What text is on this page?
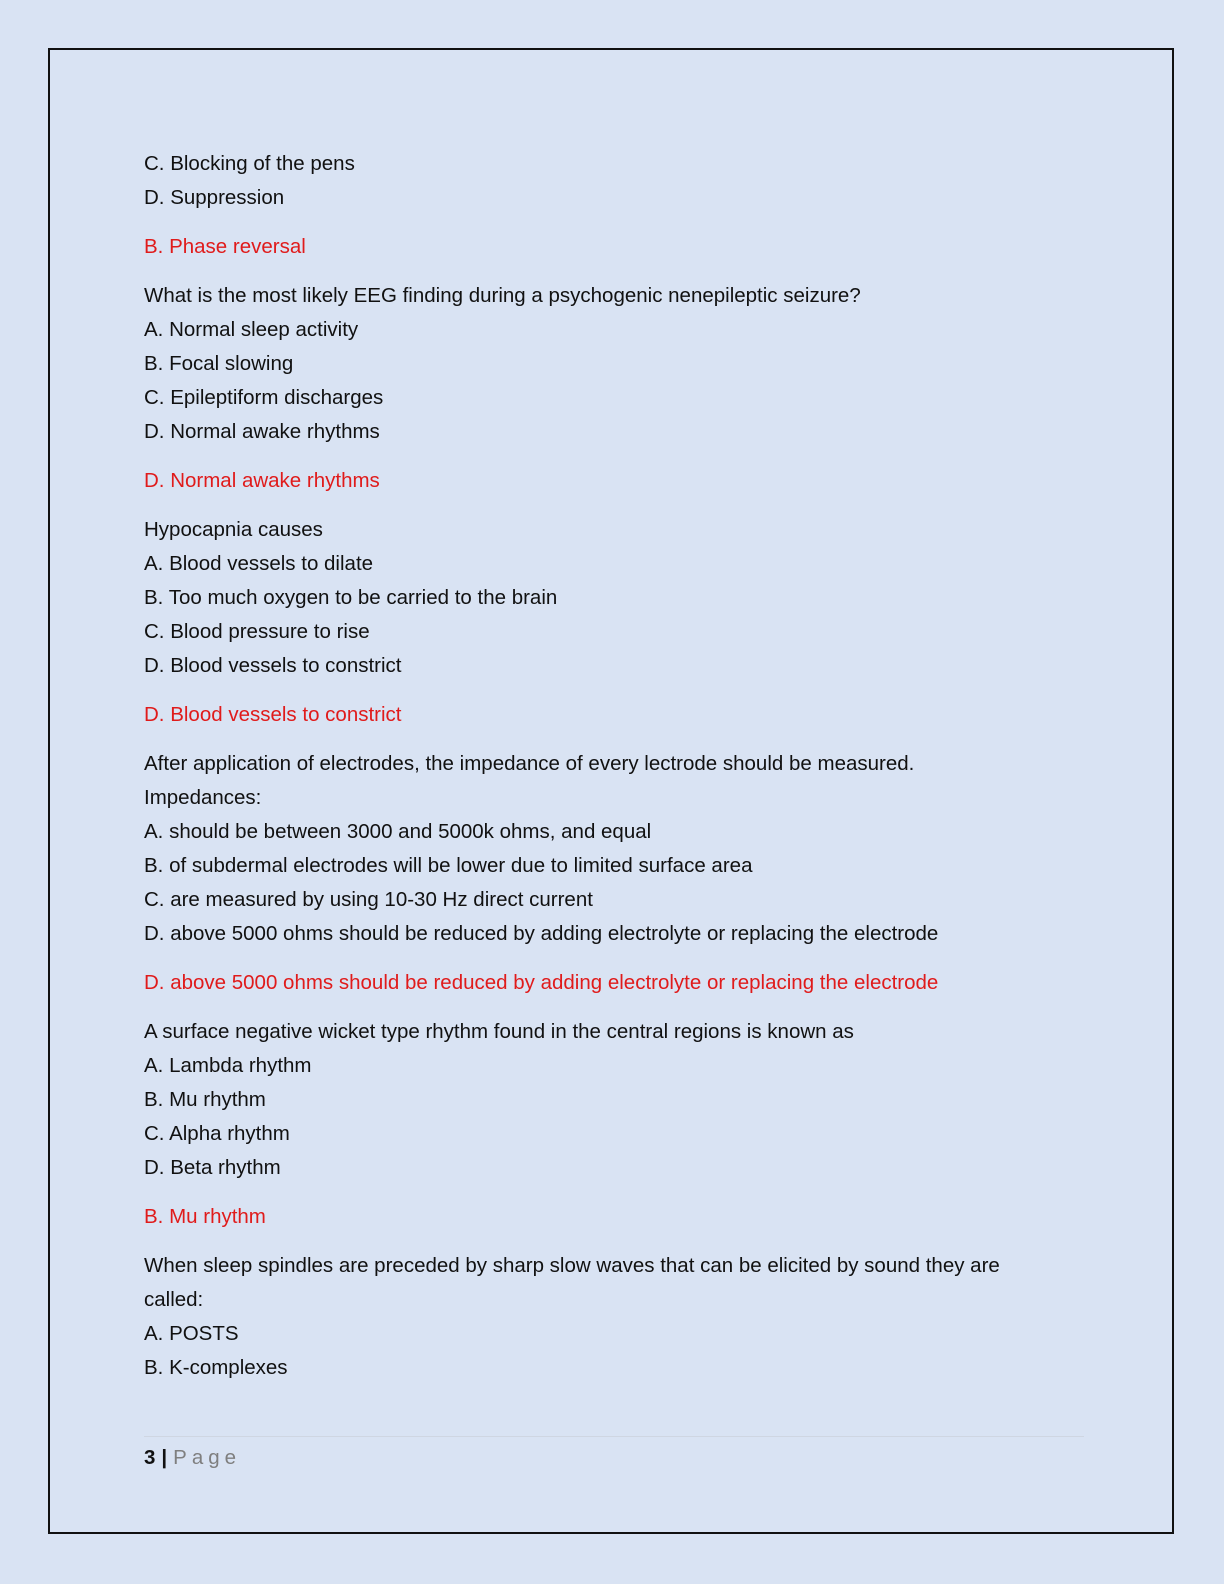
C. Blocking of the pens
D. Suppression
B. Phase reversal
What is the most likely EEG finding during a psychogenic nenepileptic seizure?
A. Normal sleep activity
B. Focal slowing
C. Epileptiform discharges
D. Normal awake rhythms
D. Normal awake rhythms
Hypocapnia causes
A. Blood vessels to dilate
B. Too much oxygen to be carried to the brain
C. Blood pressure to rise
D. Blood vessels to constrict
D. Blood vessels to constrict
After application of electrodes, the impedance of every lectrode should be measured.
Impedances:
A. should be between 3000 and 5000k ohms, and equal
B. of subdermal electrodes will be lower due to limited surface area
C. are measured by using 10-30 Hz direct current
D. above 5000 ohms should be reduced by adding electrolyte or replacing the electrode
D. above 5000 ohms should be reduced by adding electrolyte or replacing the electrode
A surface negative wicket type rhythm found in the central regions is known as
A. Lambda rhythm
B. Mu rhythm
C. Alpha rhythm
D. Beta rhythm
B. Mu rhythm
When sleep spindles are preceded by sharp slow waves that can be elicited by sound they are
called:
A. POSTS
B. K-complexes
3 | Page
